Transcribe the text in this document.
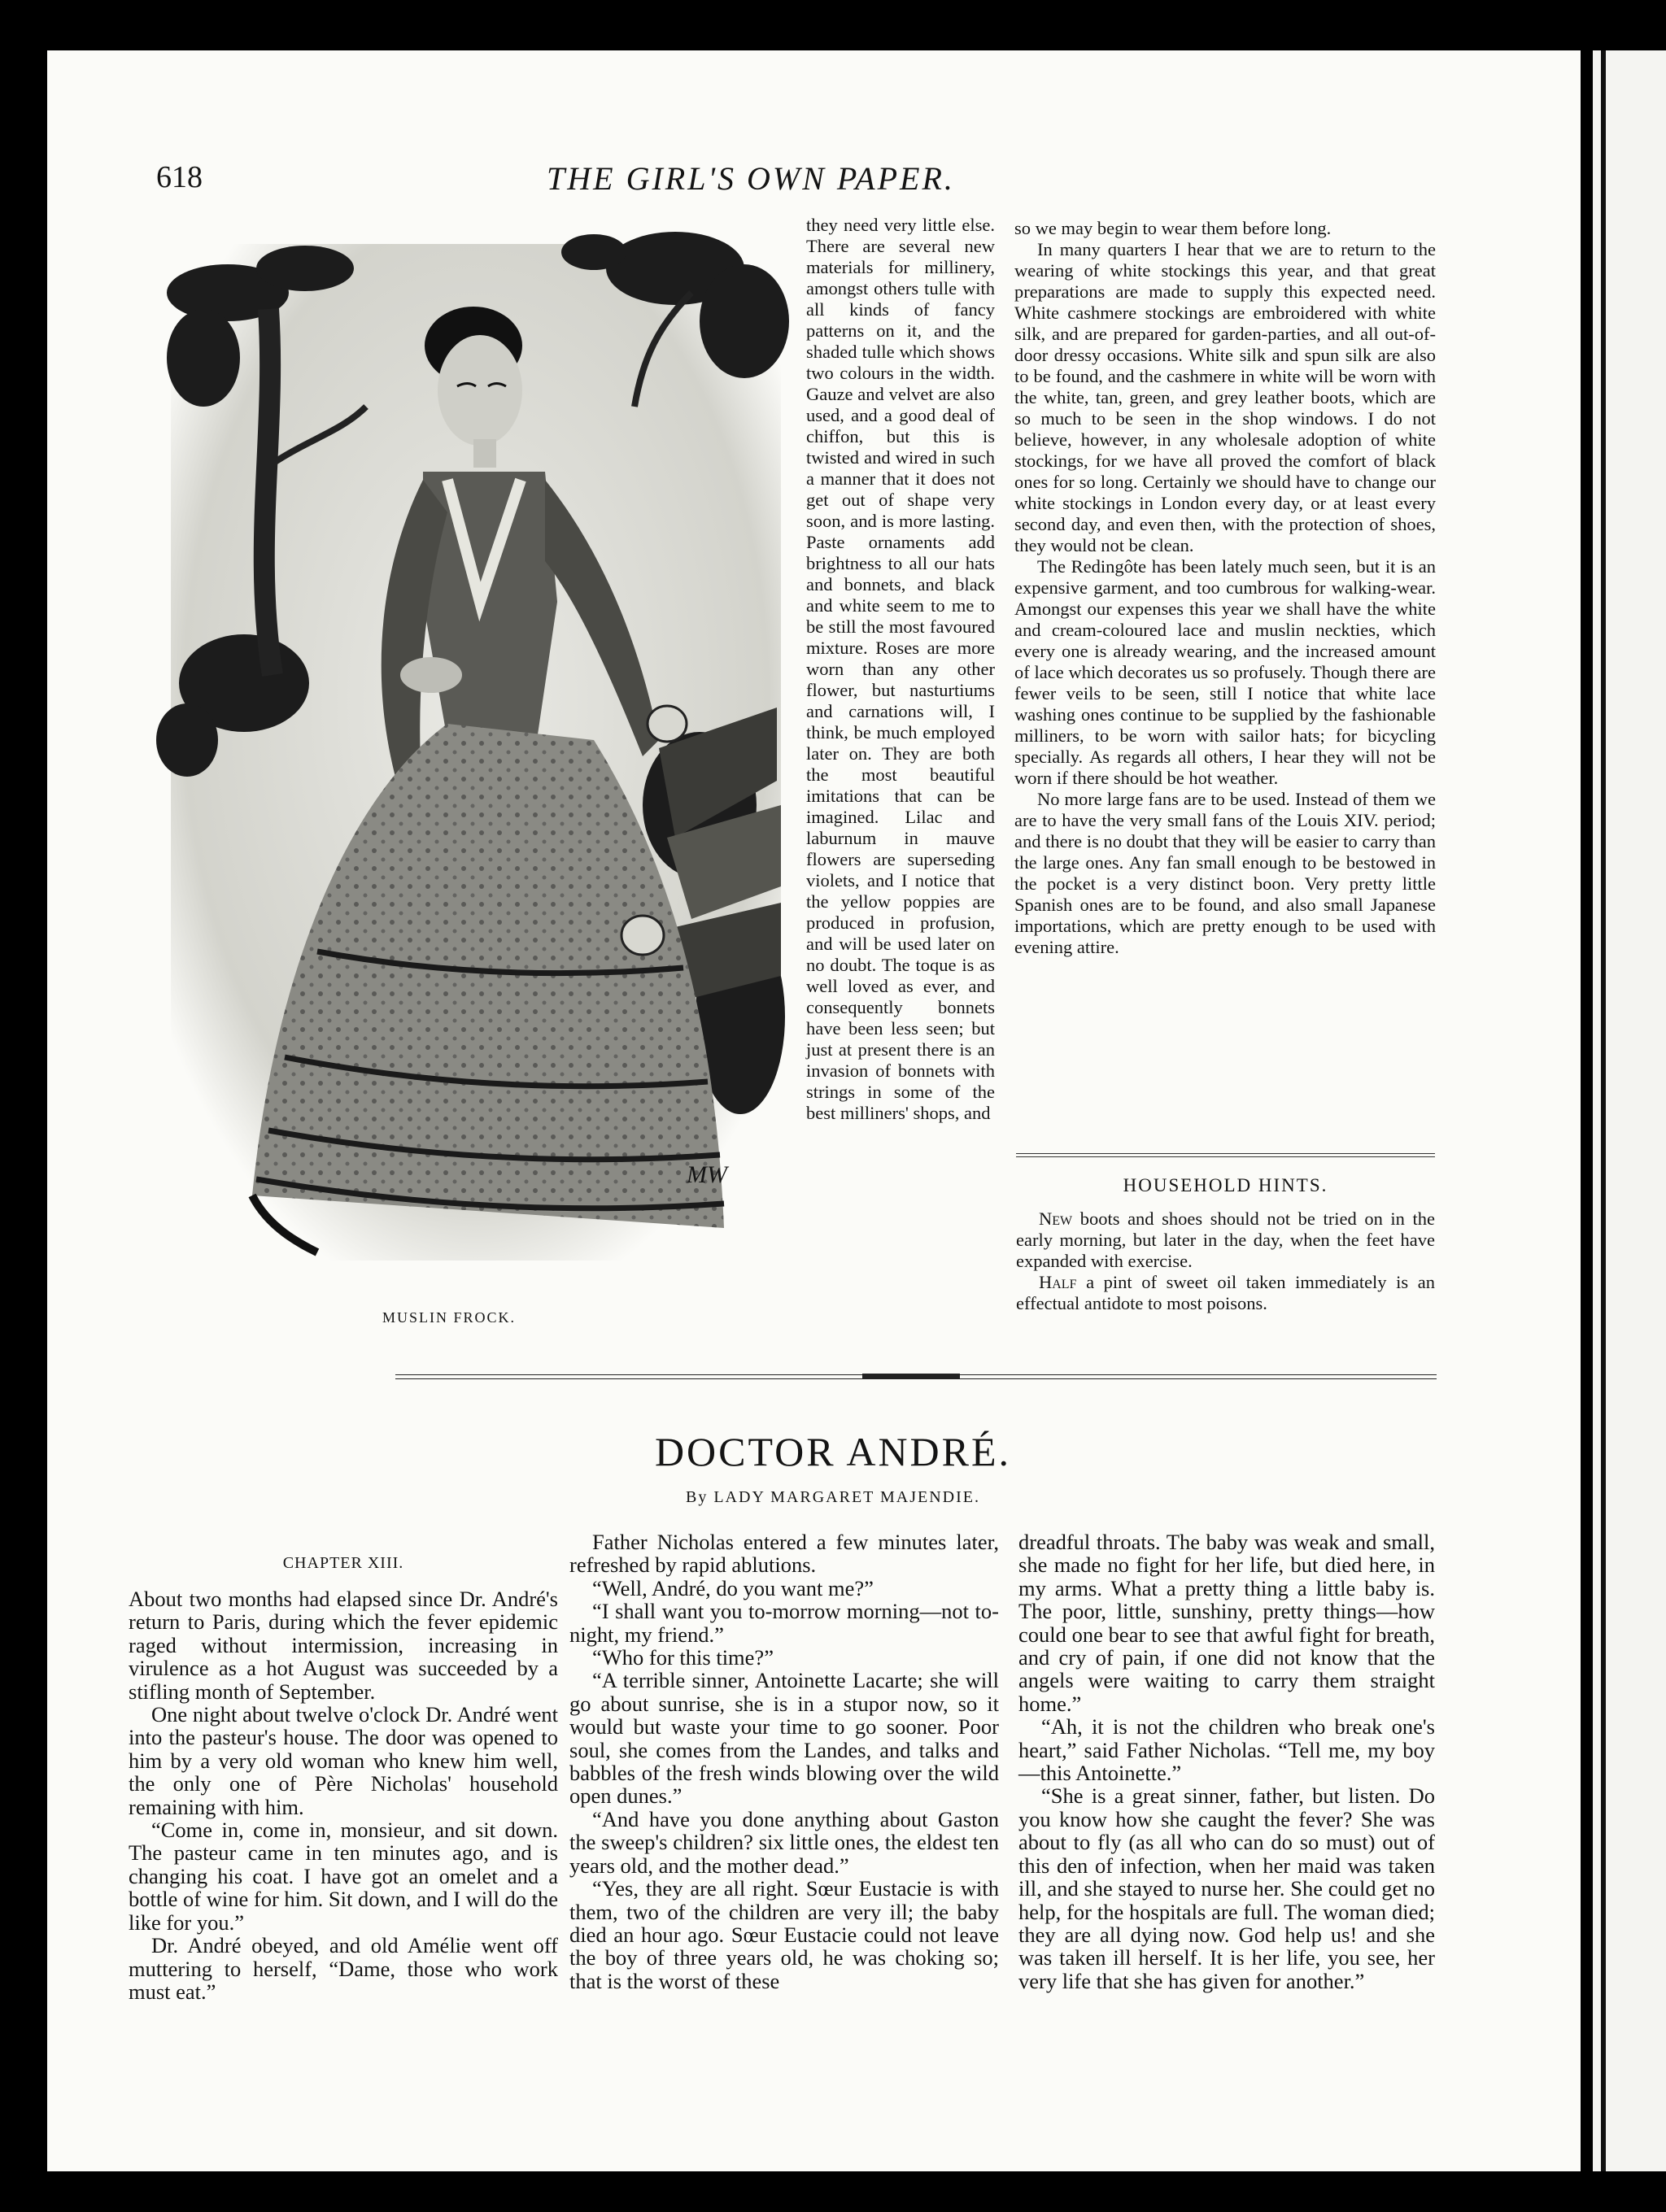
618	THE GIRL'S OWN PAPER.
MW
MUSLIN FROCK.

they need very little else. There are several new materials for millinery, amongst others tulle with all kinds of fancy patterns on it, and the shaded tulle which shows two colours in the width. Gauze and velvet are also used, and a good deal of chiffon, but this is twisted and wired in such a manner that it does not get out of shape very soon, and is more lasting. Paste ornaments add brightness to all our hats and bonnets, and black and white seem to me to be still the most favoured mixture. Roses are more worn than any other flower, but nasturtiums and carnations will, I think, be much employed later on. They are both the most beautiful imitations that can be imagined. Lilac and laburnum in mauve flowers are superseding violets, and I notice that the yellow poppies are produced in profusion, and will be used later on no doubt. The toque is as well loved as ever, and consequently bonnets have been less seen; but just at present there is an invasion of bonnets with strings in some of the best milliners' shops, and

so we may begin to wear them before long.

In many quarters I hear that we are to return to the wearing of white stockings this year, and that great preparations are made to supply this expected need. White cashmere stockings are embroidered with white silk, and are prepared for garden-parties, and all out-of-door dressy occasions. White silk and spun silk are also to be found, and the cashmere in white will be worn with the white, tan, green, and grey leather boots, which are so much to be seen in the shop windows. I do not believe, however, in any wholesale adoption of white stockings, for we have all proved the comfort of black ones for so long. Certainly we should have to change our white stockings in London every day, or at least every second day, and even then, with the protection of shoes, they would not be clean.

The Redingôte has been lately much seen, but it is an expensive garment, and too cumbrous for walking-wear. Amongst our expenses this year we shall have the white and cream-coloured lace and muslin neckties, which every one is already wearing, and the increased amount of lace which decorates us so profusely. Though there are fewer veils to be seen, still I notice that white lace washing ones continue to be supplied by the fashionable milliners, to be worn with sailor hats; for bicycling specially. As regards all others, I hear they will not be worn if there should be hot weather.

No more large fans are to be used. Instead of them we are to have the very small fans of the Louis XIV. period; and there is no doubt that they will be easier to carry than the large ones. Any fan small enough to be bestowed in the pocket is a very distinct boon. Very pretty little Spanish ones are to be found, and also small Japanese importations, which are pretty enough to be used with evening attire.

HOUSEHOLD HINTS.

New boots and shoes should not be tried on in the early morning, but later in the day, when the feet have expanded with exercise.

Half a pint of sweet oil taken immediately is an effectual antidote to most poisons.

DOCTOR ANDRÉ.
By LADY MARGARET MAJENDIE.
CHAPTER XIII.

About two months had elapsed since Dr. André's return to Paris, during which the fever epidemic raged without intermission, increasing in virulence as a hot August was succeeded by a stifling month of September.

One night about twelve o'clock Dr. André went into the pasteur's house. The door was opened to him by a very old woman who knew him well, the only one of Père Nicholas' household remaining with him.

“Come in, come in, monsieur, and sit down. The pasteur came in ten minutes ago, and is changing his coat. I have got an omelet and a bottle of wine for him. Sit down, and I will do the like for you.”

Dr. André obeyed, and old Amélie went off muttering to herself, “Dame, those who work must eat.”

Father Nicholas entered a few minutes later, refreshed by rapid ablutions.

“Well, André, do you want me?”

“I shall want you to-morrow morning—not to-night, my friend.”

“Who for this time?”

“A terrible sinner, Antoinette Lacarte; she will go about sunrise, she is in a stupor now, so it would but waste your time to go sooner. Poor soul, she comes from the Landes, and talks and babbles of the fresh winds blowing over the wild open dunes.”

“And have you done anything about Gaston the sweep's children? six little ones, the eldest ten years old, and the mother dead.”

“Yes, they are all right. Sœur Eustacie is with them, two of the children are very ill; the baby died an hour ago. Sœur Eustacie could not leave the boy of three years old, he was choking so; that is the worst of these

dreadful throats. The baby was weak and small, she made no fight for her life, but died here, in my arms. What a pretty thing a little baby is. The poor, little, sunshiny, pretty things—how could one bear to see that awful fight for breath, and cry of pain, if one did not know that the angels were waiting to carry them straight home.”

“Ah, it is not the children who break one's heart,” said Father Nicholas. “Tell me, my boy—this Antoinette.”

“She is a great sinner, father, but listen. Do you know how she caught the fever? She was about to fly (as all who can do so must) out of this den of infection, when her maid was taken ill, and she stayed to nurse her. She could get no help, for the hospitals are full. The woman died; they are all dying now. God help us! and she was taken ill herself. It is her life, you see, her very life that she has given for another.”
